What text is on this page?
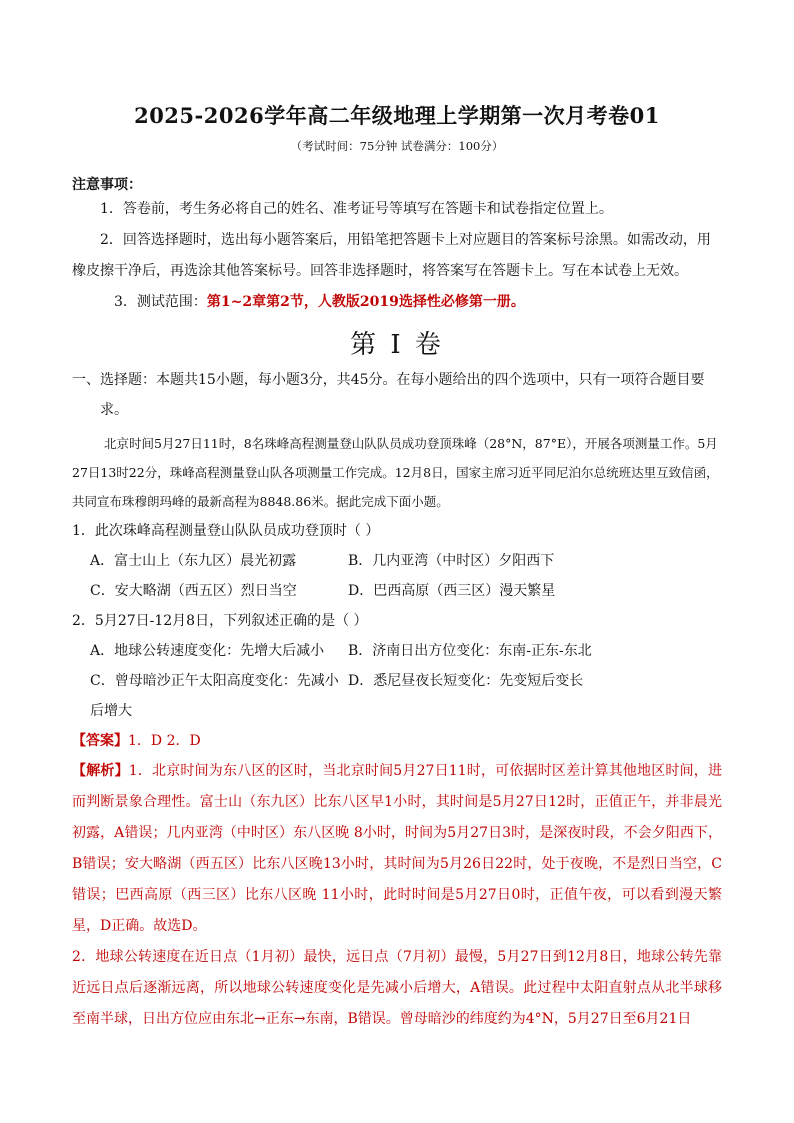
2025-2026学年高二年级地理上学期第一次月考卷01
（考试时间：75分钟 试卷满分：100分）
注意事项：
1．答卷前，考生务必将自己的姓名、准考证号等填写在答题卡和试卷指定位置上。
2．回答选择题时，选出每小题答案后，用铅笔把答题卡上对应题目的答案标号涂黑。如需改动，用橡皮擦干净后，再选涂其他答案标号。回答非选择题时，将答案写在答题卡上。写在本试卷上无效。
3．测试范围：第1~2章第2节，人教版2019选择性必修第一册。
第 I 卷
一、选择题：本题共15小题，每小题3分，共45分。在每小题给出的四个选项中，只有一项符合题目要求。
北京时间5月27日11时，8名珠峰高程测量登山队队员成功登顶珠峰（28°N，87°E），开展各项测量工作。5月27日13时22分，珠峰高程测量登山队各项测量工作完成。12月8日，国家主席习近平同尼泊尔总统班达里互致信函，共同宣布珠穆朗玛峰的最新高程为8848.86米。据此完成下面小题。
1．此次珠峰高程测量登山队队员成功登顶时（ ）
A．富士山上（东九区）晨光初露	B．几内亚湾（中时区）夕阳西下
C．安大略湖（西五区）烈日当空	D．巴西高原（西三区）漫天繁星
2．5月27日-12月8日，下列叙述正确的是（ ）
A．地球公转速度变化：先增大后减小	B．济南日出方位变化：东南-正东-东北
C．曾母暗沙正午太阳高度变化：先减小后增大
D．悉尼昼夜长短变化：先变短后变长
【答案】1．D 2．D
【解析】1．北京时间为东八区的区时，当北京时间5月27日11时，可依据时区差计算其他地区时间，进而判断景象合理性。富士山（东九区）比东八区早1小时，其时间是5月27日12时，正值正午，并非晨光初露，A错误；几内亚湾（中时区）东八区晚 8小时，时间为5月27日3时，是深夜时段，不会夕阳西下，B错误；安大略湖（西五区）比东八区晚13小时，其时间为5月26日22时，处于夜晚，不是烈日当空，C错误；巴西高原（西三区）比东八区晚 11小时，此时时间是5月27日0时，正值午夜，可以看到漫天繁星，D正确。故选D。
2．地球公转速度在近日点（1月初）最快，远日点（7月初）最慢，5月27日到12月8日，地球公转先靠近远日点后逐渐远离，所以地球公转速度变化是先减小后增大，A错误。此过程中太阳直射点从北半球移至南半球，日出方位应由东北→正东→东南，B错误。曾母暗沙的纬度约为4°N，5月27日至6月21日
